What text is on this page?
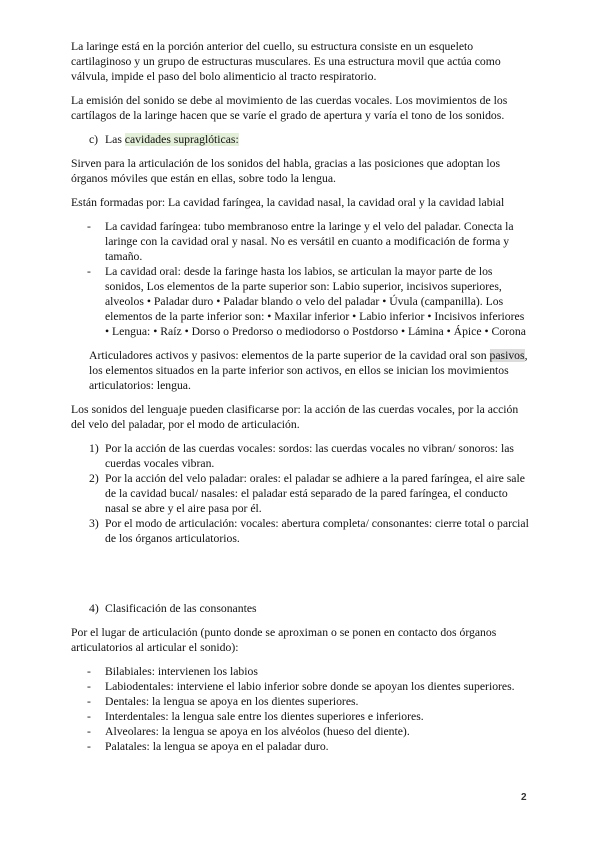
La laringe está en la porción anterior del cuello, su estructura consiste en un esqueleto cartilaginoso y un grupo de estructuras musculares. Es una estructura movil que actúa como válvula, impide el paso del bolo alimenticio al tracto respiratorio.

La emisión del sonido se debe al movimiento de las cuerdas vocales. Los movimientos de los cartílagos de la laringe hacen que se varíe el grado de apertura y varía el tono de los sonidos.

c) Las cavidades supraglóticas:

Sirven para la articulación de los sonidos del habla, gracias a las posiciones que adoptan los órganos móviles que están en ellas, sobre todo la lengua.

Están formadas por: La cavidad faríngea, la cavidad nasal, la cavidad oral y la cavidad labial

- La cavidad faríngea: tubo membranoso entre la laringe y el velo del paladar. Conecta la laringe con la cavidad oral y nasal. No es versátil en cuanto a modificación de forma y tamaño.
- La cavidad oral: desde la faringe hasta los labios, se articulan la mayor parte de los sonidos, Los elementos de la parte superior son: Labio superior, incisivos superiores, alveolos • Paladar duro • Paladar blando o velo del paladar • Úvula (campanilla). Los elementos de la parte inferior son: • Maxilar inferior • Labio inferior • Incisivos inferiores • Lengua: • Raíz • Dorso o Predorso o mediodorso o Postdorso • Lámina • Ápice • Corona

Articuladores activos y pasivos: elementos de la parte superior de la cavidad oral son pasivos, los elementos situados en la parte inferior son activos, en ellos se inician los movimientos articulatorios: lengua.

Los sonidos del lenguaje pueden clasificarse por: la acción de las cuerdas vocales, por la acción del velo del paladar, por el modo de articulación.

1) Por la acción de las cuerdas vocales: sordos: las cuerdas vocales no vibran/ sonoros: las cuerdas vocales vibran.
2) Por la acción del velo paladar: orales: el paladar se adhiere a la pared faríngea, el aire sale de la cavidad bucal/ nasales: el paladar está separado de la pared faríngea, el conducto nasal se abre y el aire pasa por él.
3) Por el modo de articulación: vocales: abertura completa/ consonantes: cierre total o parcial de los órganos articulatorios.
4) Clasificación de las consonantes

Por el lugar de articulación (punto donde se aproximan o se ponen en contacto dos órganos articulatorios al articular el sonido):

- Bilabiales: intervienen los labios
- Labiodentales: interviene el labio inferior sobre donde se apoyan los dientes superiores.
- Dentales: la lengua se apoya en los dientes superiores.
- Interdentales: la lengua sale entre los dientes superiores e inferiores.
- Alveolares: la lengua se apoya en los alvéolos (hueso del diente).
- Palatales: la lengua se apoya en el paladar duro.
2
